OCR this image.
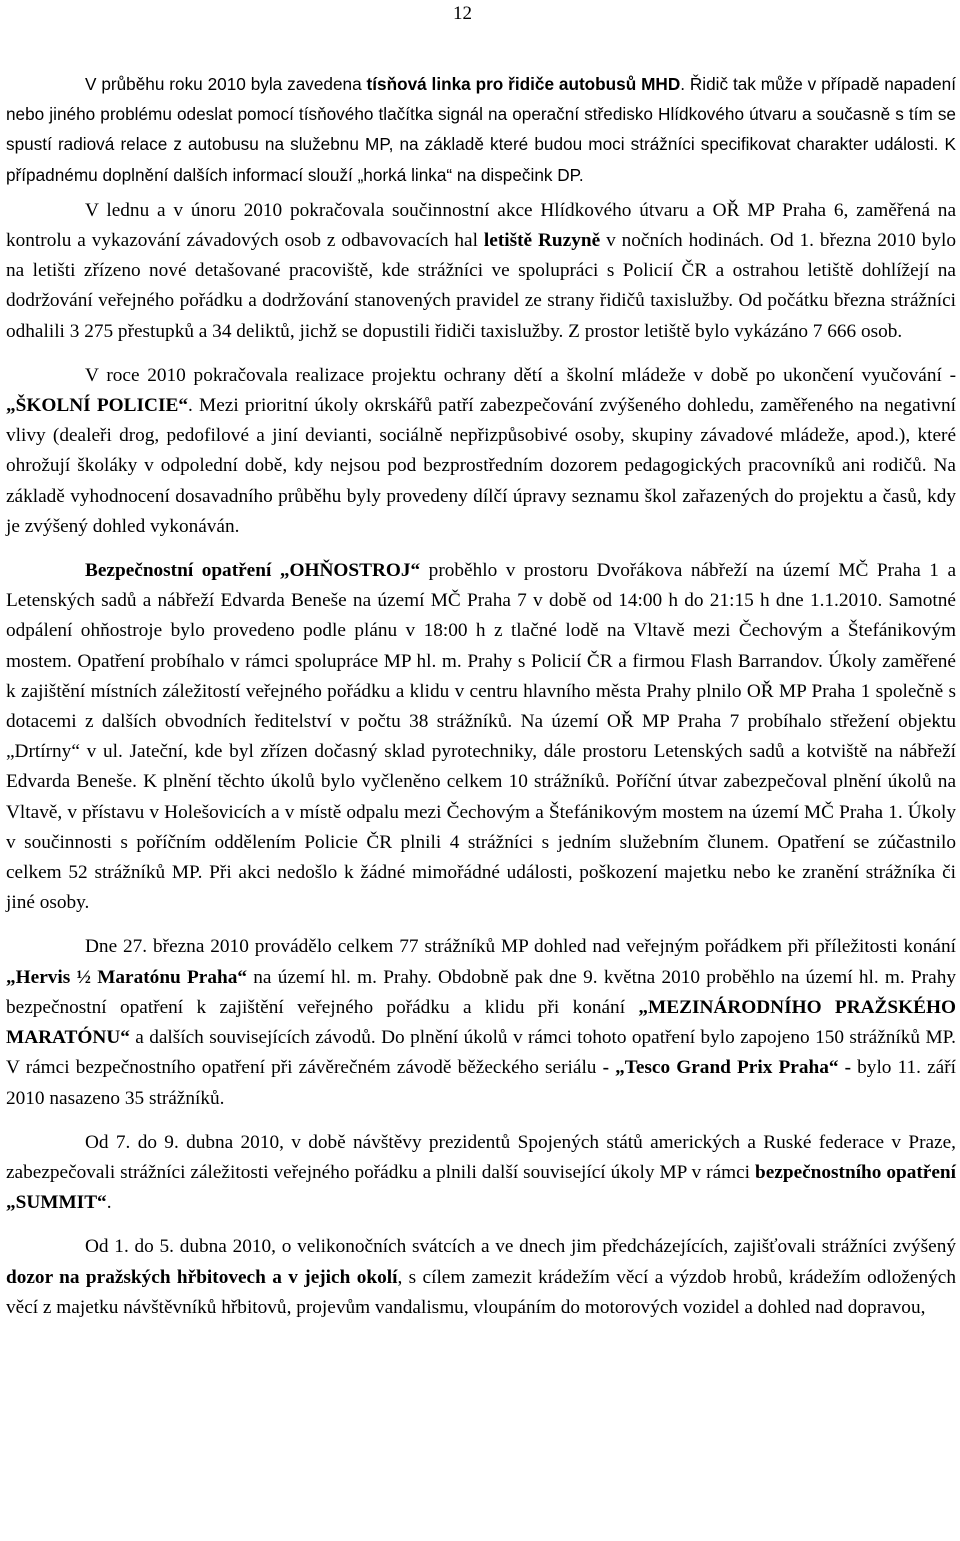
12

V průběhu roku 2010 byla zavedena tísňová linka pro řidiče autobusů MHD. Řidič tak může v případě napadení nebo jiného problému odeslat pomocí tísňového tlačítka signál na operační středisko Hlídkového útvaru a současně s tím se spustí radiová relace z autobusu na služebnu MP, na základě které budou moci strážníci specifikovat charakter události. K případnému doplnění dalších informací slouží „horká linka“ na dispečink DP.

V lednu a v únoru 2010 pokračovala součinnostní akce Hlídkového útvaru a OŘ MP Praha 6, zaměřená na kontrolu a vykazování závadových osob z odbavovacích hal letiště Ruzyně v nočních hodinách. Od 1. března 2010 bylo na letišti zřízeno nové detašované pracoviště, kde strážníci ve spolupráci s Policií ČR a ostrahou letiště dohlížejí na dodržování veřejného pořádku a dodržování stanovených pravidel ze strany řidičů taxislužby. Od počátku března strážníci odhalili 3 275 přestupků a 34 deliktů, jichž se dopustili řidiči taxislužby. Z prostor letiště bylo vykázáno 7 666 osob.

V roce 2010 pokračovala realizace projektu ochrany dětí a školní mládeže v době po ukončení vyučování - „ŠKOLNÍ POLICIE“. Mezi prioritní úkoly okrskářů patří zabezpečování zvýšeného dohledu, zaměřeného na negativní vlivy (dealeři drog, pedofilové a jiní devianti, sociálně nepřizpůsobivé osoby, skupiny závadové mládeže, apod.), které ohrožují školáky v odpolední době, kdy nejsou pod bezprostředním dozorem pedagogických pracovníků ani rodičů. Na základě vyhodnocení dosavadního průběhu byly provedeny dílčí úpravy seznamu škol zařazených do projektu a časů, kdy je zvýšený dohled vykonáván.

Bezpečnostní opatření „OHŇOSTROJ“ proběhlo v prostoru Dvořákova nábřeží na území MČ Praha 1 a Letenských sadů a nábřeží Edvarda Beneše na území MČ Praha 7 v době od 14:00 h do 21:15 h dne 1.1.2010. Samotné odpálení ohňostroje bylo provedeno podle plánu v 18:00 h z tlačné lodě na Vltavě mezi Čechovým a Štefánikovým mostem. Opatření probíhalo v rámci spolupráce MP hl. m. Prahy s Policií ČR a firmou Flash Barrandov. Úkoly zaměřené k zajištění místních záležitostí veřejného pořádku a klidu v centru hlavního města Prahy plnilo OŘ MP Praha 1 společně s dotacemi z dalších obvodních ředitelství v počtu 38 strážníků. Na území OŘ MP Praha 7 probíhalo střežení objektu „Drtírny“ v ul. Jateční, kde byl zřízen dočasný sklad pyrotechniky, dále prostoru Letenských sadů a kotviště na nábřeží Edvarda Beneše. K plnění těchto úkolů bylo vyčleněno celkem 10 strážníků. Poříční útvar zabezpečoval plnění úkolů na Vltavě, v přístavu v Holešovicích a v místě odpalu mezi Čechovým a Štefánikovým mostem na území MČ Praha 1. Úkoly v součinnosti s poříčním oddělením Policie ČR plnili 4 strážníci s jedním služebním člunem. Opatření se zúčastnilo celkem 52 strážníků MP. Při akci nedošlo k žádné mimořádné události, poškození majetku nebo ke zranění strážníka či jiné osoby.

Dne 27. března 2010 provádělo celkem 77 strážníků MP dohled nad veřejným pořádkem při příležitosti konání „Hervis ½ Maratónu Praha“ na území hl. m. Prahy. Obdobně pak dne 9. května 2010 proběhlo na území hl. m. Prahy bezpečnostní opatření k zajištění veřejného pořádku a klidu při konání „MEZINÁRODNÍHO PRAŽSKÉHO MARATÓNU“ a dalších souvisejících závodů. Do plnění úkolů v rámci tohoto opatření bylo zapojeno 150 strážníků MP. V rámci bezpečnostního opatření při závěrečném závodě běžeckého seriálu - „Tesco Grand Prix Praha“ - bylo 11. září 2010 nasazeno 35 strážníků.

Od 7. do 9. dubna 2010, v době návštěvy prezidentů Spojených států amerických a Ruské federace v Praze, zabezpečovali strážníci záležitosti veřejného pořádku a plnili další související úkoly MP v rámci bezpečnostního opatření „SUMMIT“.

Od 1. do 5. dubna 2010, o velikonočních svátcích a ve dnech jim předcházejících, zajišťovali strážníci zvýšený dozor na pražských hřbitovech a v jejich okolí, s cílem zamezit krádežím věcí a výzdob hrobů, krádežím odložených věcí z majetku návštěvníků hřbitovů, projevům vandalismu, vloupáním do motorových vozidel a dohled nad dopravou,
